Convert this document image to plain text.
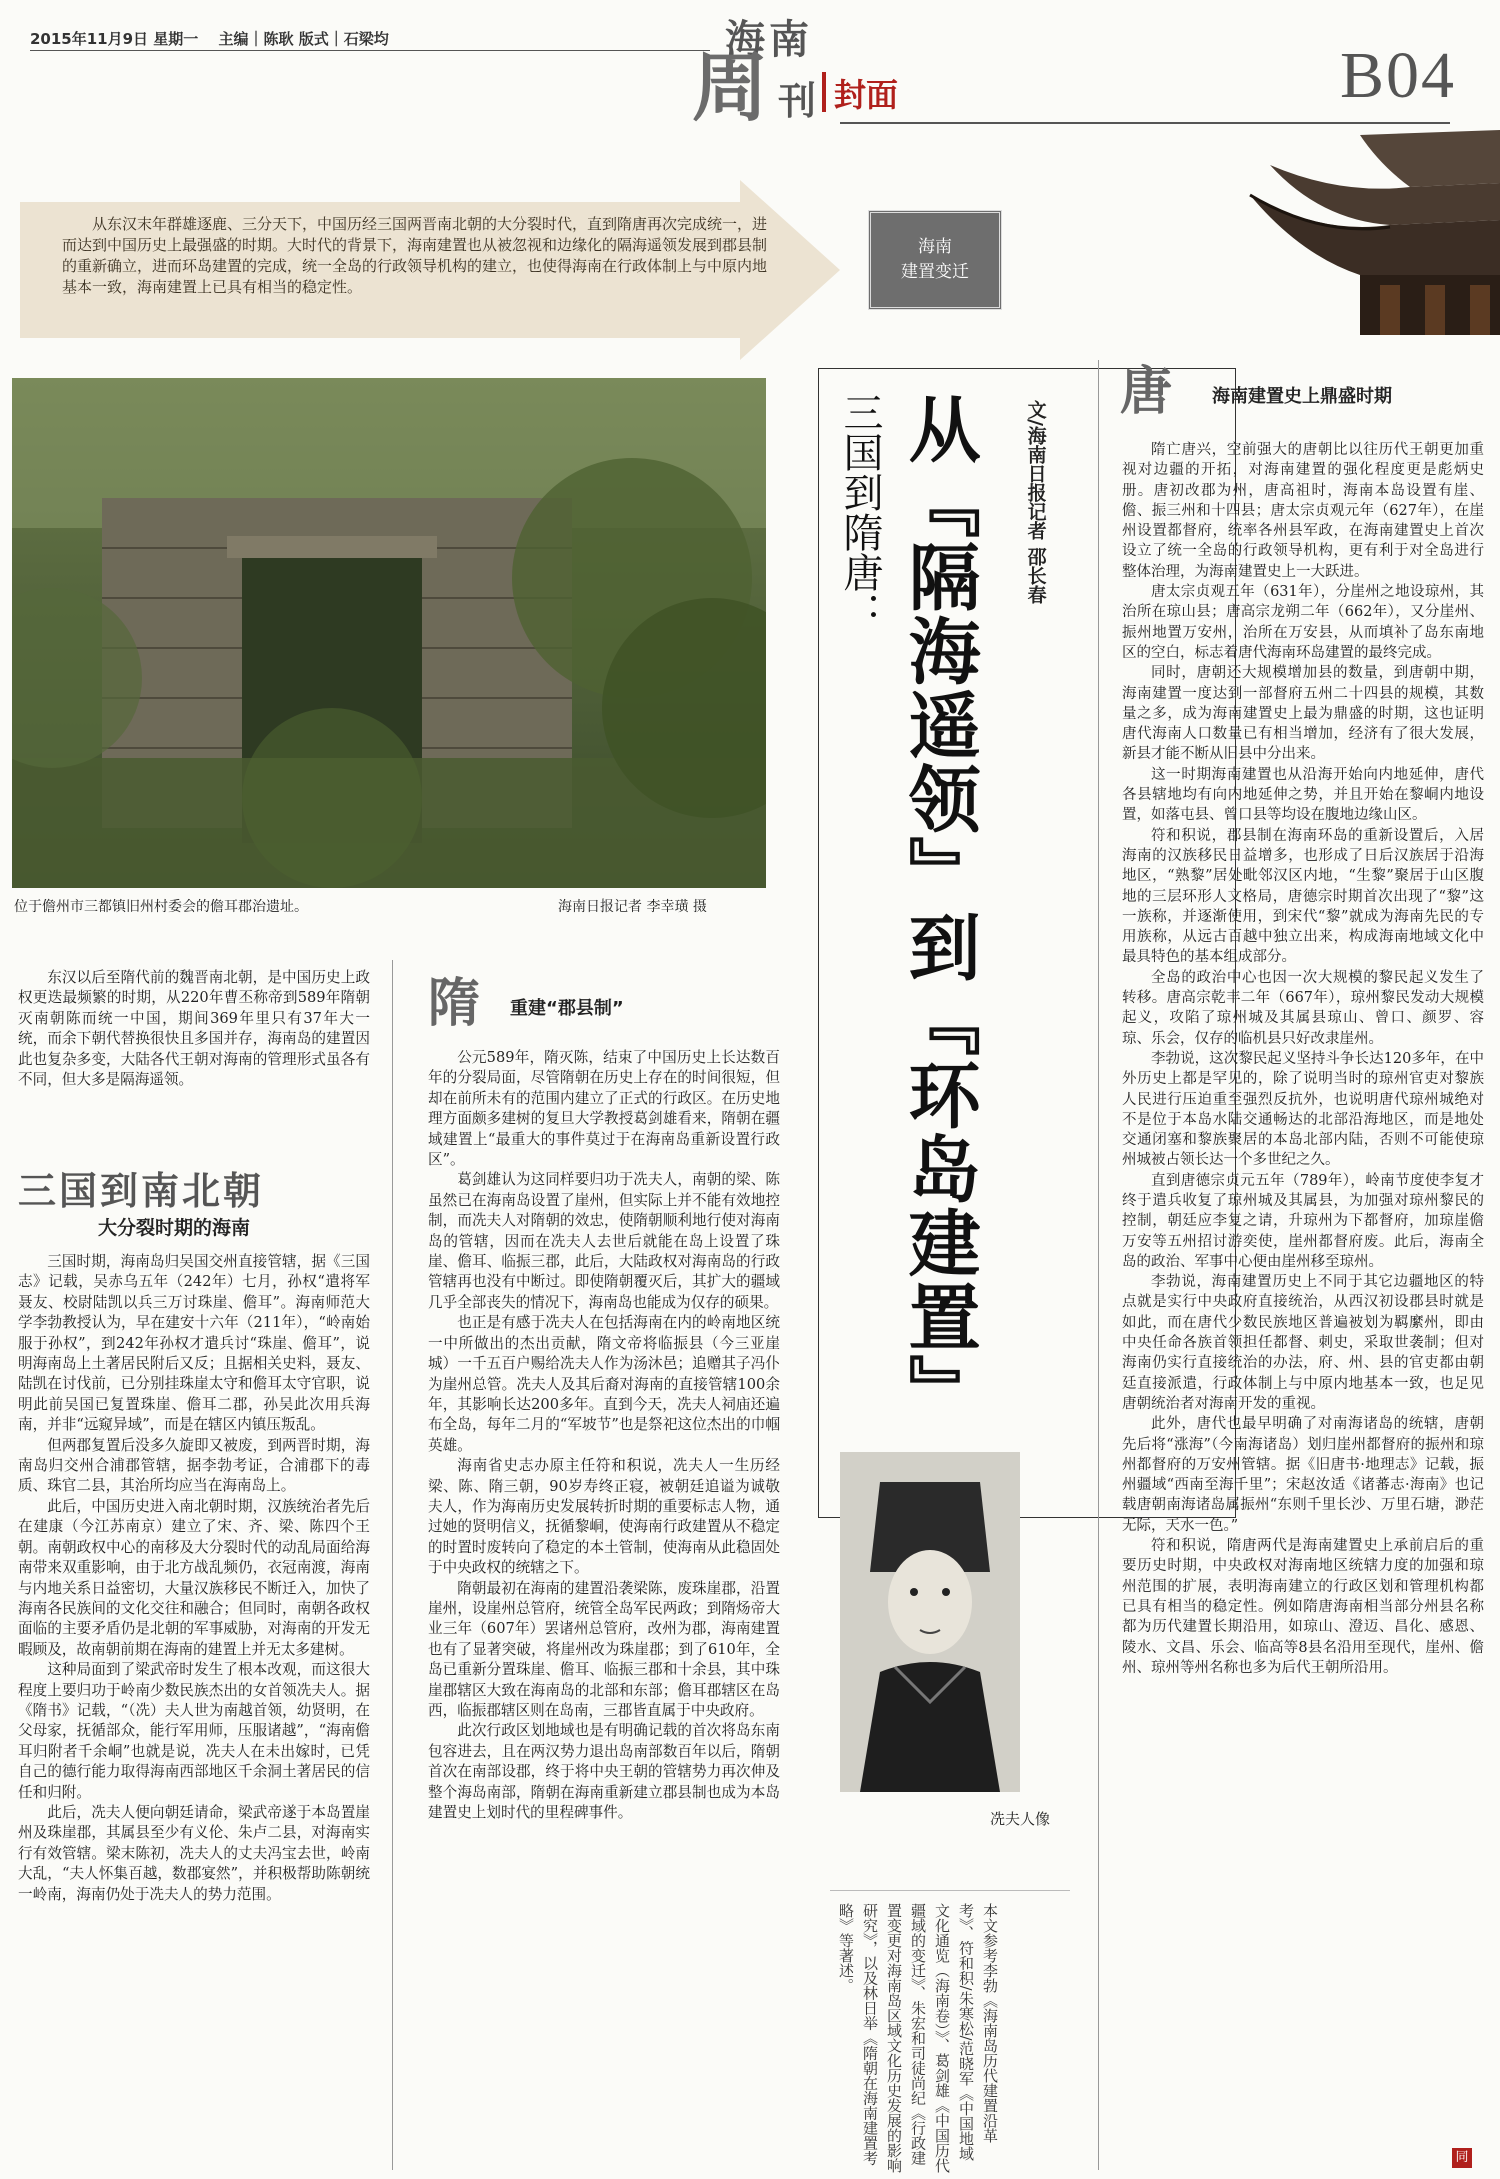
2015年11月9日 星期一　 主编｜陈耿 版式｜石梁均	海南
周 刊 封面	B04
从东汉末年群雄逐鹿、三分天下，中国历经三国两晋南北朝的大分裂时代，直到隋唐再次完成统一，进而达到中国历史上最强盛的时期。大时代的背景下，海南建置也从被忽视和边缘化的隔海遥领发展到郡县制的重新确立，进而环岛建置的完成，统一全岛的行政领导机构的建立，也使得海南在行政体制上与中原内地基本一致，海南建置上已具有相当的稳定性。
海南
建置变迁
位于儋州市三都镇旧州村委会的儋耳郡治遗址。	海南日报记者 李幸璜 摄	从『隔海遥领』到『环岛建置』
三国到隋唐：	文/海南日报记者 邵长春
冼夫人像
本文参考李勃《海南岛历代建置沿革考》、符和积/朱寒松/范晓军《中国地域文化通览（海南卷）》、葛剑雄《中国历代疆域的变迁》、朱宏和司徒尚纪《行政建置变更对海南岛区域文化历史发展的影响研究》，以及林日举《隋朝在海南建置考略》等著述。

东汉以后至隋代前的魏晋南北朝，是中国历史上政权更迭最频繁的时期，从220年曹丕称帝到589年隋朝灭南朝陈而统一中国，期间369年里只有37年大一统，而余下朝代替换很快且多国并存，海南岛的建置因此也复杂多变，大陆各代王朝对海南的管理形式虽各有不同，但大多是隔海遥领。

三国到南北朝
大分裂时期的海南

三国时期，海南岛归吴国交州直接管辖，据《三国志》记载，吴赤乌五年（242年）七月，孙权“遣将军聂友、校尉陆凯以兵三万讨珠崖、儋耳”。海南师范大学李勃教授认为，早在建安十六年（211年），“岭南始服于孙权”，到242年孙权才遣兵讨“珠崖、儋耳”，说明海南岛上土著居民附后又反；且据相关史料，聂友、陆凯在讨伐前，已分别挂珠崖太守和儋耳太守官职，说明此前吴国已复置珠崖、儋耳二郡，孙吴此次用兵海南，并非“远窥异域”，而是在辖区内镇压叛乱。

但两郡复置后没多久旋即又被废，到两晋时期，海南岛归交州合浦郡管辖，据李勃考证，合浦郡下的毒质、珠官二县，其治所均应当在海南岛上。

此后，中国历史进入南北朝时期，汉族统治者先后在建康（今江苏南京）建立了宋、齐、梁、陈四个王朝。南朝政权中心的南移及大分裂时代的动乱局面给海南带来双重影响，由于北方战乱频仍，衣冠南渡，海南与内地关系日益密切，大量汉族移民不断迁入，加快了海南各民族间的文化交往和融合；但同时，南朝各政权面临的主要矛盾仍是北朝的军事威胁，对海南的开发无暇顾及，故南朝前期在海南的建置上并无太多建树。

这种局面到了梁武帝时发生了根本改观，而这很大程度上要归功于岭南少数民族杰出的女首领冼夫人。据《隋书》记载，“（冼）夫人世为南越首领，幼贤明，在父母家，抚循部众，能行军用师，压服诸越”，“海南儋耳归附者千余峒”也就是说，冼夫人在未出嫁时，已凭自己的德行能力取得海南西部地区千余洞土著居民的信任和归附。

此后，冼夫人便向朝廷请命，梁武帝遂于本岛置崖州及珠崖郡，其属县至少有义伦、朱卢二县，对海南实行有效管辖。梁末陈初，冼夫人的丈夫冯宝去世，岭南大乱，“夫人怀集百越，数郡宴然”，并积极帮助陈朝统一岭南，海南仍处于冼夫人的势力范围。

隋 重建“郡县制”

公元589年，隋灭陈，结束了中国历史上长达数百年的分裂局面，尽管隋朝在历史上存在的时间很短，但却在前所未有的范围内建立了正式的行政区。在历史地理方面颇多建树的复旦大学教授葛剑雄看来，隋朝在疆域建置上“最重大的事件莫过于在海南岛重新设置行政区”。

葛剑雄认为这同样要归功于冼夫人，南朝的梁、陈虽然已在海南岛设置了崖州，但实际上并不能有效地控制，而冼夫人对隋朝的效忠，使隋朝顺利地行使对海南岛的管辖，因而在冼夫人去世后就能在岛上设置了珠崖、儋耳、临振三郡，此后，大陆政权对海南岛的行政管辖再也没有中断过。即使隋朝覆灭后，其扩大的疆域几乎全部丧失的情况下，海南岛也能成为仅存的硕果。

也正是有感于冼夫人在包括海南在内的岭南地区统一中所做出的杰出贡献，隋文帝将临振县（今三亚崖城）一千五百户赐给冼夫人作为汤沐邑；追赠其子冯仆为崖州总管。冼夫人及其后裔对海南的直接管辖100余年，其影响长达200多年。直到今天，冼夫人祠庙还遍布全岛，每年二月的“军坡节”也是祭祀这位杰出的巾帼英雄。

海南省史志办原主任符和积说，冼夫人一生历经梁、陈、隋三朝，90岁寿终正寝，被朝廷追谥为诚敬夫人，作为海南历史发展转折时期的重要标志人物，通过她的贤明信义，抚循黎峒，使海南行政建置从不稳定的时置时废转向了稳定的本土管制，使海南从此稳固处于中央政权的统辖之下。

隋朝最初在海南的建置沿袭梁陈，废珠崖郡，沿置崖州，设崖州总管府，统管全岛军民两政；到隋炀帝大业三年（607年）罢诸州总管府，改州为郡，海南建置也有了显著突破，将崖州改为珠崖郡；到了610年，全岛已重新分置珠崖、儋耳、临振三郡和十余县，其中珠崖郡辖区大致在海南岛的北部和东部；儋耳郡辖区在岛西，临振郡辖区则在岛南，三郡皆直属于中央政府。

此次行政区划地域也是有明确记载的首次将岛东南包容进去，且在两汉势力退出岛南部数百年以后，隋朝首次在南部设郡，终于将中央王朝的管辖势力再次伸及整个海岛南部，隋朝在海南重新建立郡县制也成为本岛建置史上划时代的里程碑事件。

唐 海南建置史上鼎盛时期

隋亡唐兴，空前强大的唐朝比以往历代王朝更加重视对边疆的开拓，对海南建置的强化程度更是彪炳史册。唐初改郡为州，唐高祖时，海南本岛设置有崖、儋、振三州和十四县；唐太宗贞观元年（627年），在崖州设置都督府，统率各州县军政，在海南建置史上首次设立了统一全岛的行政领导机构，更有利于对全岛进行整体治理，为海南建置史上一大跃进。

唐太宗贞观五年（631年），分崖州之地设琼州，其治所在琼山县；唐高宗龙朔二年（662年），又分崖州、振州地置万安州，治所在万安县，从而填补了岛东南地区的空白，标志着唐代海南环岛建置的最终完成。

同时，唐朝还大规模增加县的数量，到唐朝中期，海南建置一度达到一部督府五州二十四县的规模，其数量之多，成为海南建置史上最为鼎盛的时期，这也证明唐代海南人口数量已有相当增加，经济有了很大发展，新县才能不断从旧县中分出来。

这一时期海南建置也从沿海开始向内地延伸，唐代各县辖地均有向内地延伸之势，并且开始在黎峒内地设置，如落屯县、曾口县等均设在腹地边缘山区。

符和积说，郡县制在海南环岛的重新设置后，入居海南的汉族移民日益增多，也形成了日后汉族居于沿海地区，“熟黎”居处毗邻汉区内地，“生黎”聚居于山区腹地的三层环形人文格局，唐德宗时期首次出现了“黎”这一族称，并逐渐使用，到宋代“黎”就成为海南先民的专用族称，从远古百越中独立出来，构成海南地域文化中最具特色的基本组成部分。

全岛的政治中心也因一次大规模的黎民起义发生了转移。唐高宗乾丰二年（667年），琼州黎民发动大规模起义，攻陷了琼州城及其属县琼山、曾口、颜罗、容琼、乐会，仅存的临机县只好改隶崖州。

李勃说，这次黎民起义坚持斗争长达120多年，在中外历史上都是罕见的，除了说明当时的琼州官吏对黎族人民进行压迫重至强烈反抗外，也说明唐代琼州城绝对不是位于本岛水陆交通畅达的北部沿海地区，而是地处交通闭塞和黎族聚居的本岛北部内陆，否则不可能使琼州城被占领长达一个多世纪之久。

直到唐德宗贞元五年（789年），岭南节度使李复才终于遣兵收复了琼州城及其属县，为加强对琼州黎民的控制，朝廷应李复之请，升琼州为下都督府，加琼崖儋万安等五州招讨游奕使，崖州都督府废。此后，海南全岛的政治、军事中心便由崖州移至琼州。

李勃说，海南建置历史上不同于其它边疆地区的特点就是实行中央政府直接统治，从西汉初设郡县时就是如此，而在唐代少数民族地区普遍被划为羁縻州，即由中央任命各族首领担任都督、刺史，采取世袭制；但对海南仍实行直接统治的办法，府、州、县的官吏都由朝廷直接派遣，行政体制上与中原内地基本一致，也足见唐朝统治者对海南开发的重视。

此外，唐代也最早明确了对南海诸岛的统辖，唐朝先后将“涨海”（今南海诸岛）划归崖州都督府的振州和琼州都督府的万安州管辖。据《旧唐书·地理志》记载，振州疆域“西南至海千里”；宋赵汝适《诸蕃志·海南》也记载唐朝南海诸岛属振州“东则千里长沙、万里石塘，渺茫无际，天水一色。”

符和积说，隋唐两代是海南建置史上承前启后的重要历史时期，中央政权对海南地区统辖力度的加强和琼州范围的扩展，表明海南建立的行政区划和管理机构都已具有相当的稳定性。例如隋唐海南相当部分州县名称都为历代建置长期沿用，如琼山、澄迈、昌化、感恩、陵水、文昌、乐会、临高等8县名沿用至现代，崖州、儋州、琼州等州名称也多为后代王朝所沿用。

同
